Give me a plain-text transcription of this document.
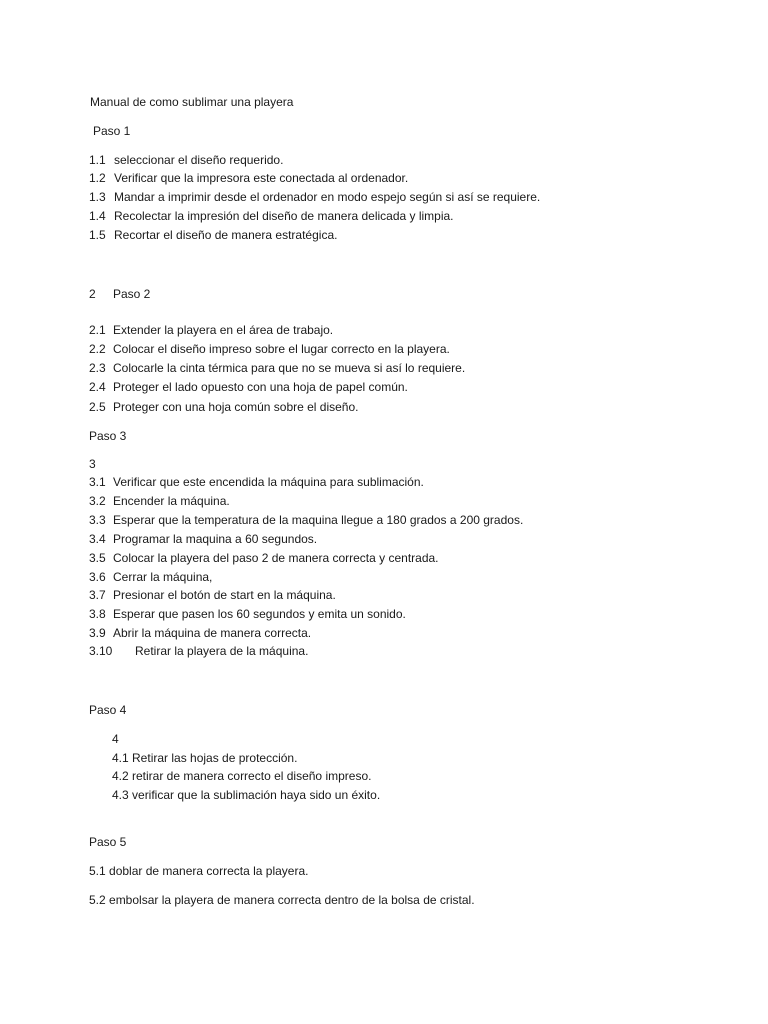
Manual de como sublimar una playera
Paso 1
1.1 seleccionar el diseño requerido.
1.2 Verificar que la impresora este conectada al ordenador.
1.3 Mandar a imprimir desde el ordenador en modo espejo según si así se requiere.
1.4 Recolectar la impresión del diseño de manera delicada y limpia.
1.5 Recortar el diseño de manera estratégica.
2 Paso 2
2.1 Extender la playera en el área de trabajo.
2.2 Colocar el diseño impreso sobre el lugar correcto en la playera.
2.3 Colocarle la cinta térmica para que no se mueva si así lo requiere.
2.4 Proteger el lado opuesto con una hoja de papel común.
2.5 Proteger con una hoja común sobre el diseño.
Paso 3
3
3.1 Verificar que este encendida la máquina para sublimación.
3.2 Encender la máquina.
3.3 Esperar que la temperatura de la maquina llegue a 180 grados a 200 grados.
3.4 Programar la maquina a 60 segundos.
3.5 Colocar la playera del paso 2 de manera correcta y centrada.
3.6 Cerrar la máquina,
3.7 Presionar el botón de start en la máquina.
3.8 Esperar que pasen los 60 segundos y emita un sonido.
3.9 Abrir la máquina de manera correcta.
3.10 Retirar la playera de la máquina.
Paso 4
4
4.1 Retirar las hojas de protección.
4.2 retirar de manera correcto el diseño impreso.
4.3 verificar que la sublimación haya sido un éxito.
Paso 5
5.1 doblar de manera correcta la playera.
5.2 embolsar la playera de manera correcta dentro de la bolsa de cristal.
